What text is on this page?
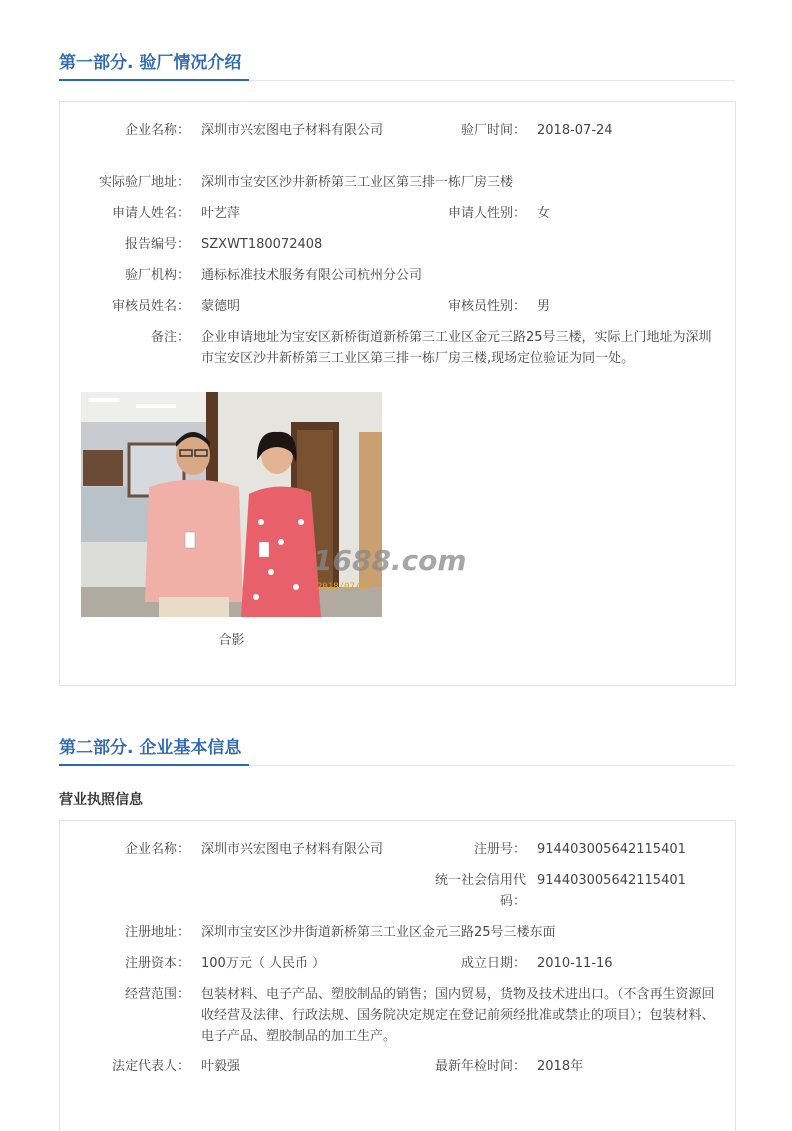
第一部分. 验厂情况介绍
企业名称： 深圳市兴宏图电子材料有限公司	验厂时间： 2018-07-24
实际验厂地址： 深圳市宝安区沙井新桥第三工业区第三排一栋厂房三楼
申请人姓名： 叶艺萍	申请人性别： 女
报告编号： SZXWT180072408
验厂机构： 通标标准技术服务有限公司杭州分公司
审核员姓名： 蒙德明	审核员性别： 男
备注： 企业申请地址为宝安区新桥街道新桥第三工业区金元三路25号三楼，实际上门地址为深圳市宝安区沙井新桥第三工业区第三排一栋厂房三楼,现场定位验证为同一处。
2018/07/24
1688.com
合影
第二部分. 企业基本信息
营业执照信息
企业名称： 深圳市兴宏图电子材料有限公司	注册号： 914403005642115401
统一社会信用代码：
914403005642115401
注册地址： 深圳市宝安区沙井街道新桥第三工业区金元三路25号三楼东面
注册资本： 100万元（ 人民币 ）	成立日期： 2010-11-16
经营范围： 包装材料、电子产品、塑胶制品的销售；国内贸易，货物及技术进出口。（不含再生资源回收经营及法律、行政法规、国务院决定规定在登记前须经批准或禁止的项目）；包装材料、电子产品、塑胶制品的加工生产。
法定代表人： 叶毅强	最新年检时间： 2018年
